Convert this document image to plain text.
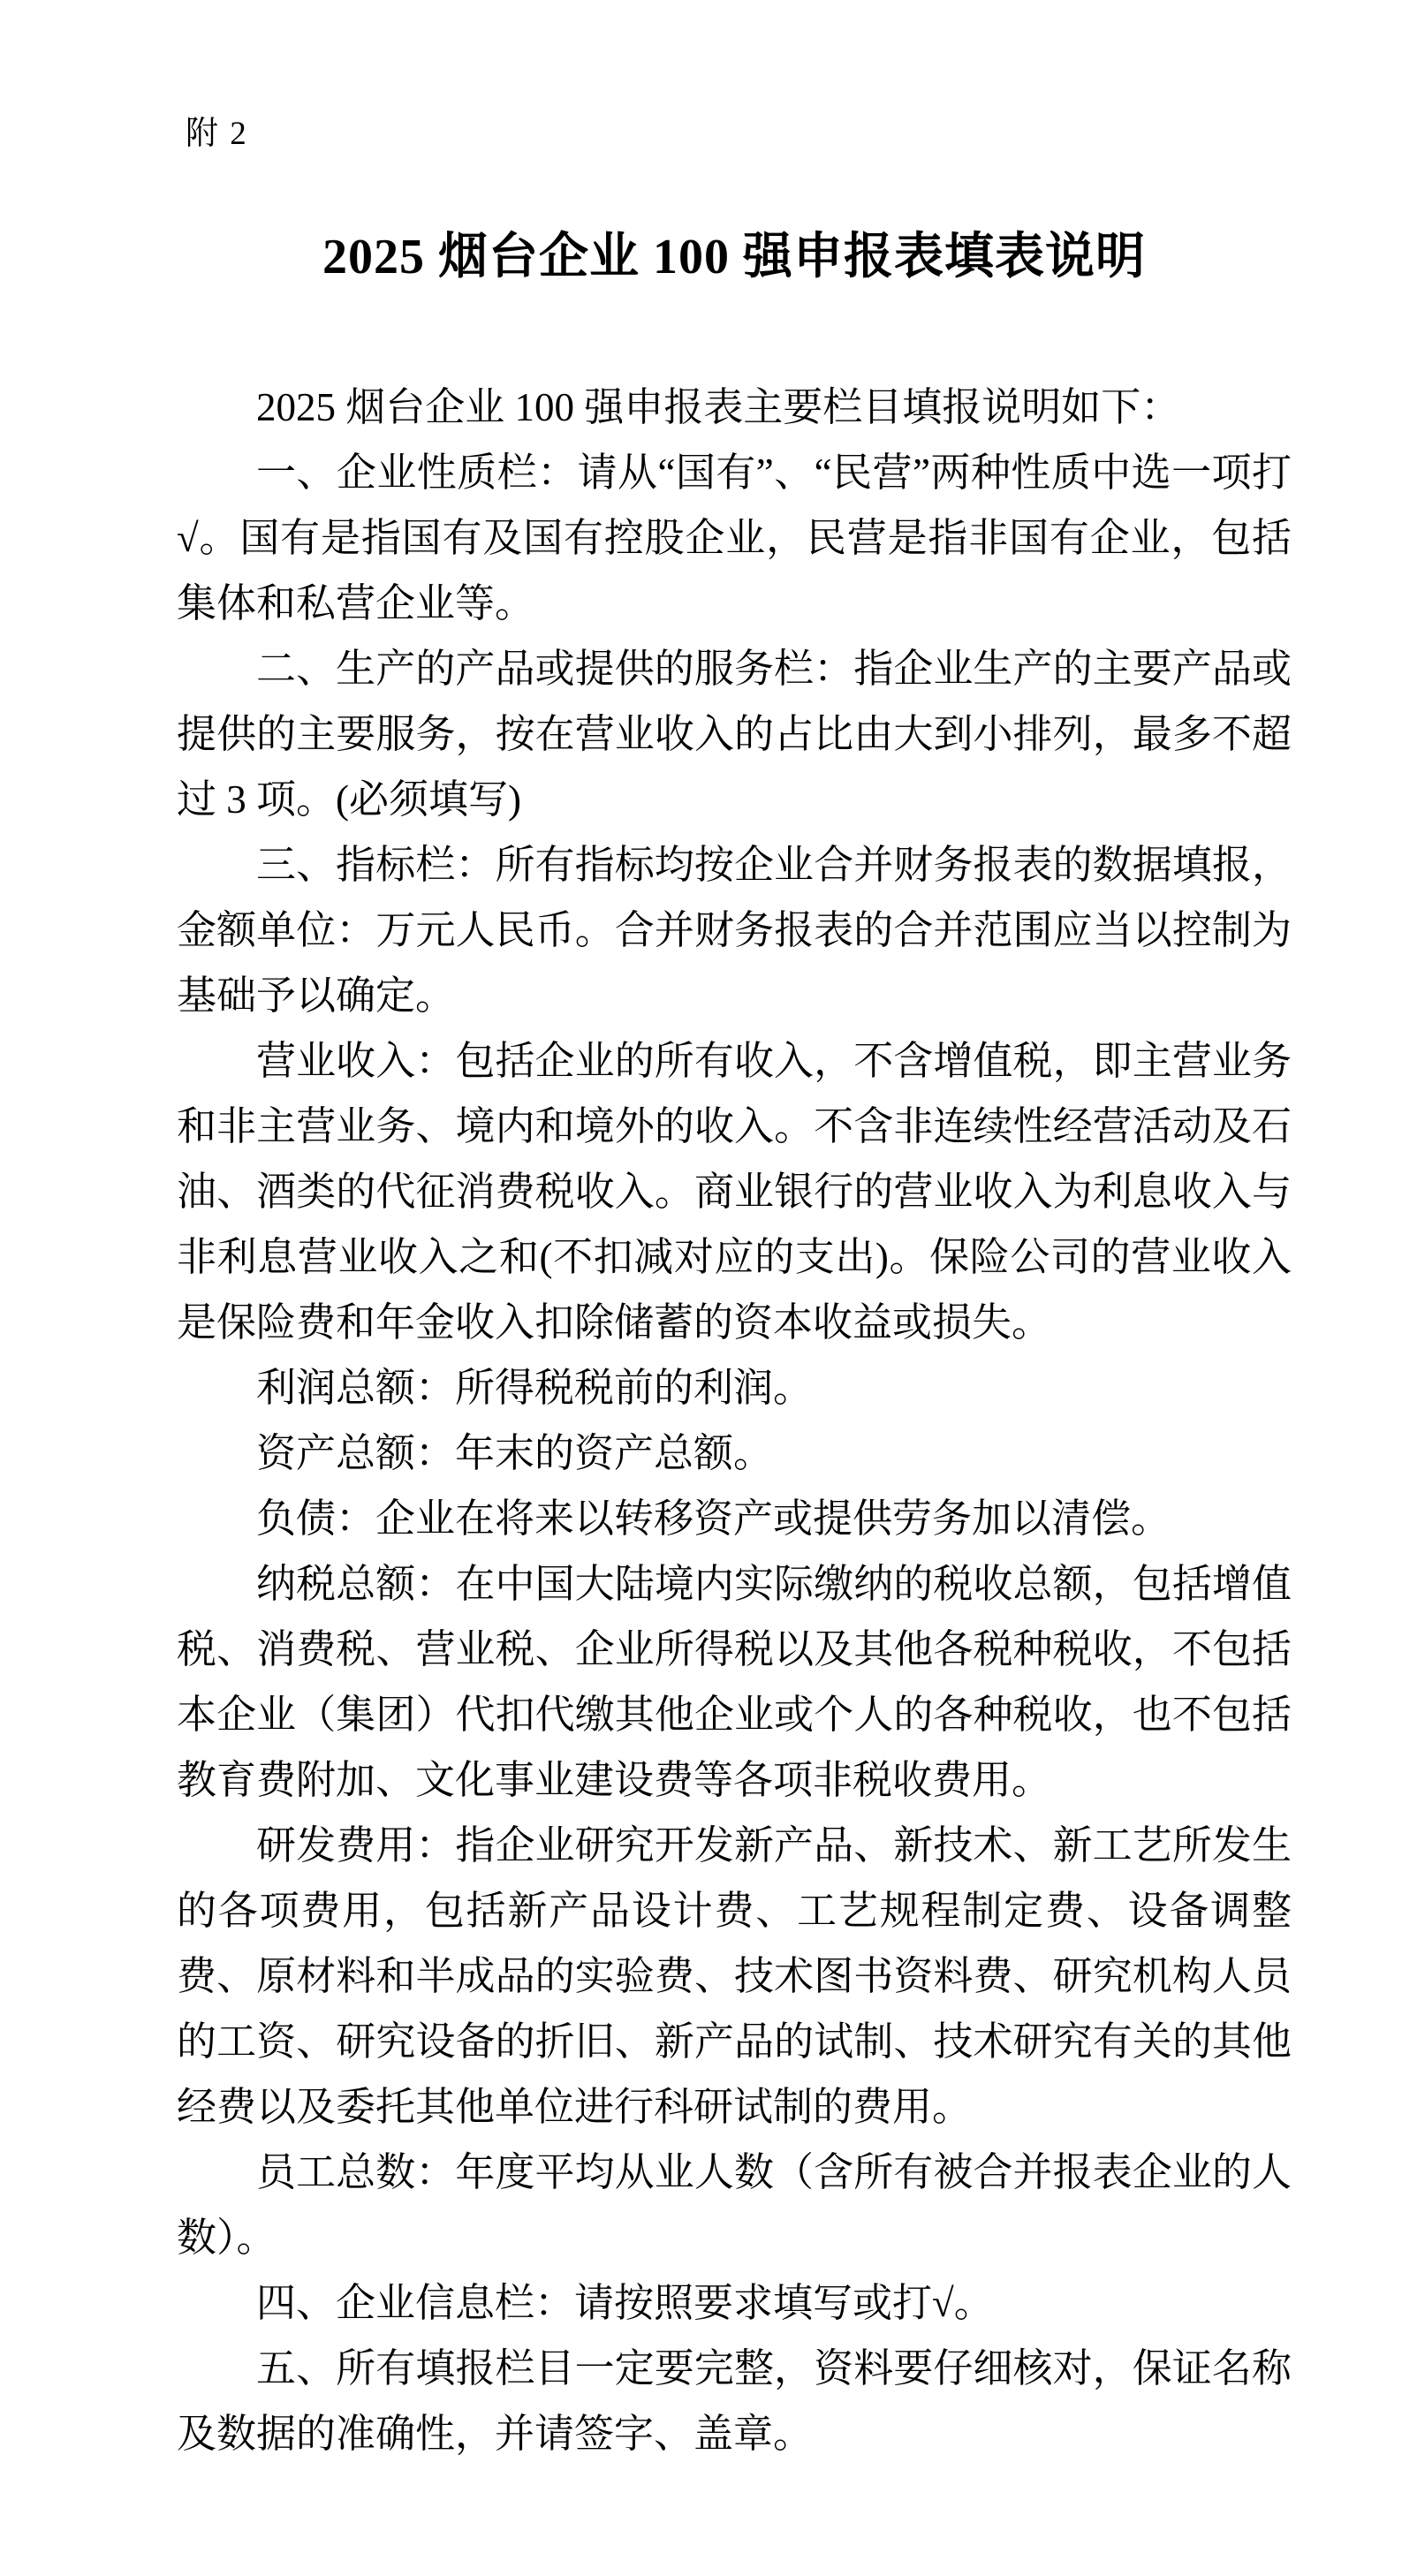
附 2
2025 烟台企业 100 强申报表填表说明

2025 烟台企业 100 强申报表主要栏目填报说明如下：

一、企业性质栏：请从“国有”、“民营”两种性质中选一项打√。国有是指国有及国有控股企业，民营是指非国有企业，包括集体和私营企业等。

二、生产的产品或提供的服务栏：指企业生产的主要产品或提供的主要服务，按在营业收入的占比由大到小排列，最多不超过 3 项。(必须填写)

三、指标栏：所有指标均按企业合并财务报表的数据填报，金额单位：万元人民币。合并财务报表的合并范围应当以控制为基础予以确定。

营业收入：包括企业的所有收入，不含增值税，即主营业务和非主营业务、境内和境外的收入。不含非连续性经营活动及石油、酒类的代征消费税收入。商业银行的营业收入为利息收入与非利息营业收入之和(不扣减对应的支出)。保险公司的营业收入是保险费和年金收入扣除储蓄的资本收益或损失。

利润总额：所得税税前的利润。

资产总额：年末的资产总额。

负债：企业在将来以转移资产或提供劳务加以清偿。

纳税总额：在中国大陆境内实际缴纳的税收总额，包括增值税、消费税、营业税、企业所得税以及其他各税种税收，不包括本企业（集团）代扣代缴其他企业或个人的各种税收，也不包括教育费附加、文化事业建设费等各项非税收费用。

研发费用：指企业研究开发新产品、新技术、新工艺所发生的各项费用，包括新产品设计费、工艺规程制定费、设备调整费、原材料和半成品的实验费、技术图书资料费、研究机构人员的工资、研究设备的折旧、新产品的试制、技术研究有关的其他经费以及委托其他单位进行科研试制的费用。

员工总数：年度平均从业人数（含所有被合并报表企业的人数）。

四、企业信息栏：请按照要求填写或打√。

五、所有填报栏目一定要完整，资料要仔细核对，保证名称及数据的准确性，并请签字、盖章。
